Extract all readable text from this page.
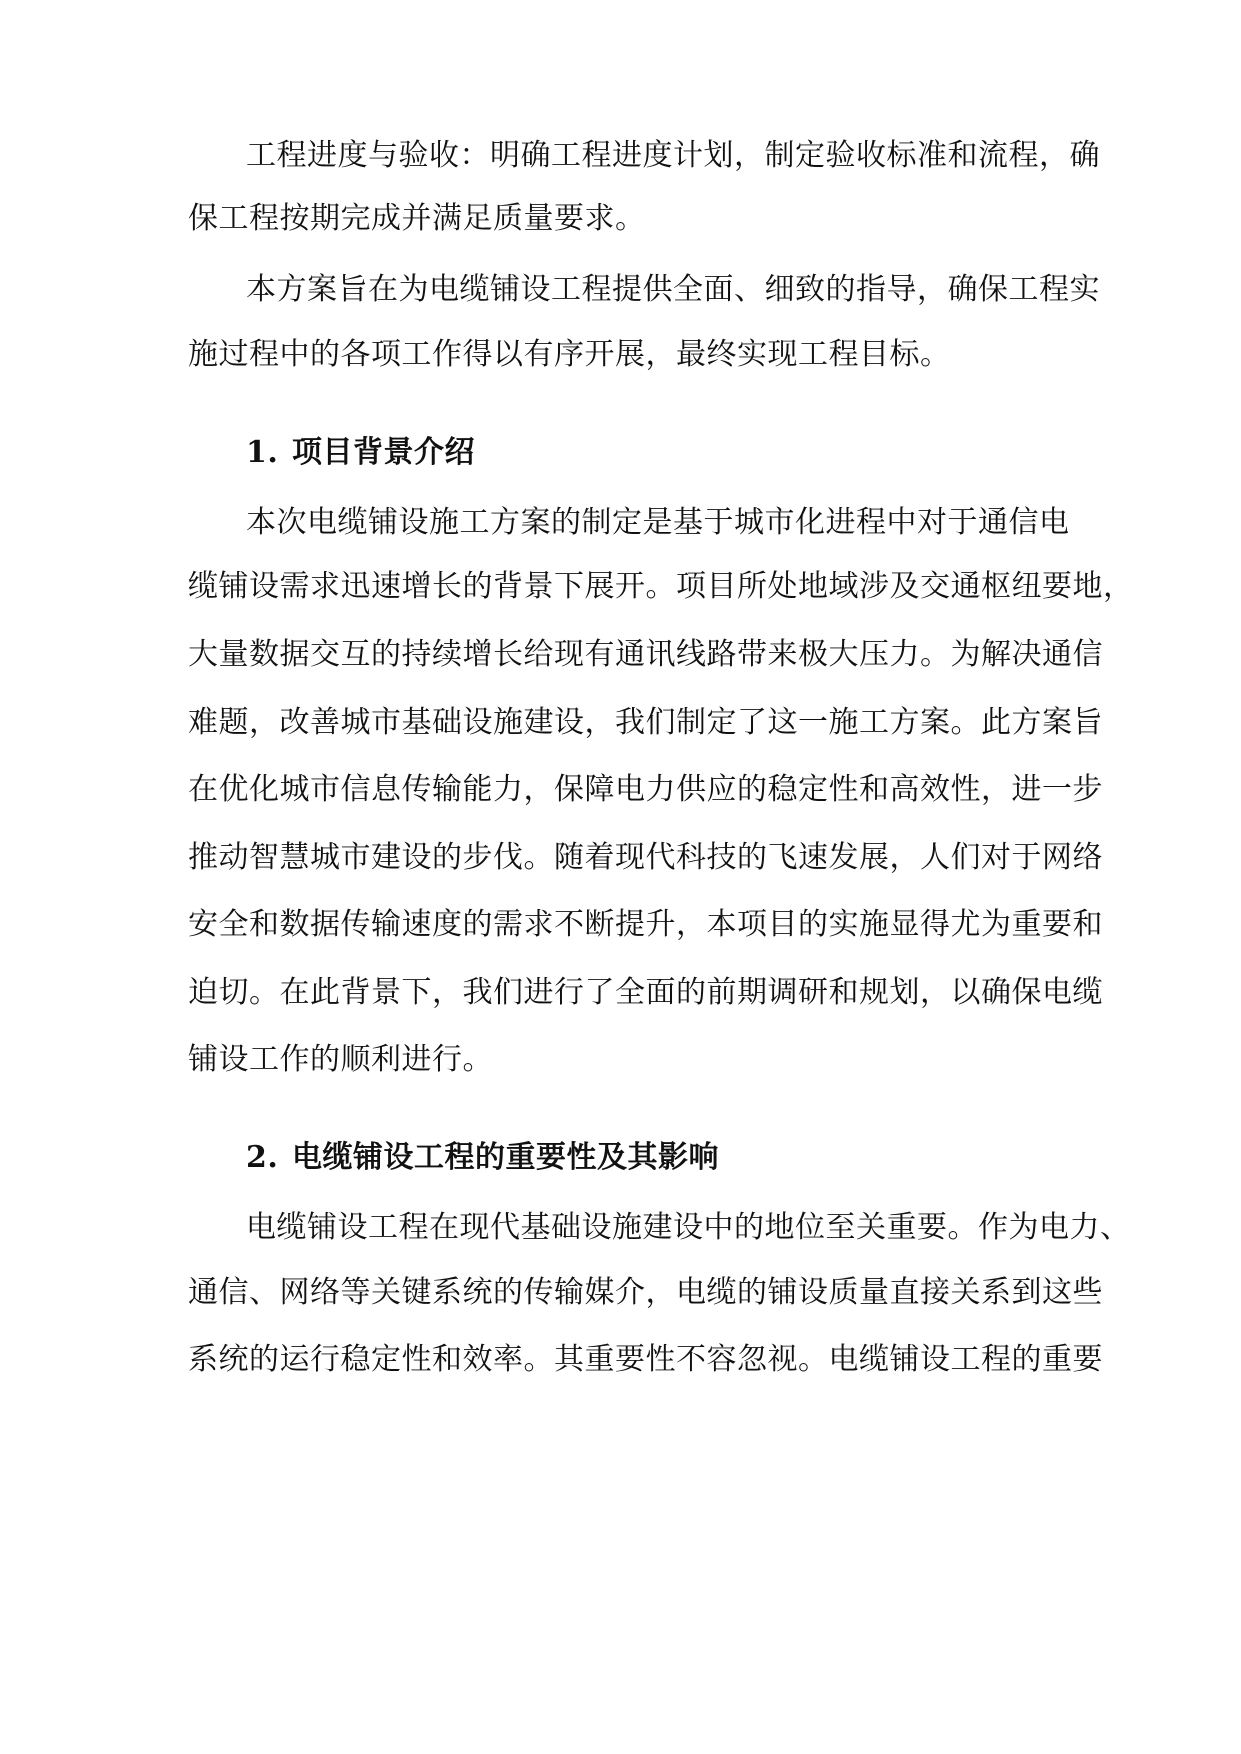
工程进度与验收：明确工程进度计划，制定验收标准和流程，确
保工程按期完成并满足质量要求。
本方案旨在为电缆铺设工程提供全面、细致的指导，确保工程实
施过程中的各项工作得以有序开展，最终实现工程目标。
1. 项目背景介绍
本次电缆铺设施工方案的制定是基于城市化进程中对于通信电
缆铺设需求迅速增长的背景下展开。项目所处地域涉及交通枢纽要地，
大量数据交互的持续增长给现有通讯线路带来极大压力。为解决通信
难题，改善城市基础设施建设，我们制定了这一施工方案。此方案旨
在优化城市信息传输能力，保障电力供应的稳定性和高效性，进一步
推动智慧城市建设的步伐。随着现代科技的飞速发展，人们对于网络
安全和数据传输速度的需求不断提升，本项目的实施显得尤为重要和
迫切。在此背景下，我们进行了全面的前期调研和规划，以确保电缆
铺设工作的顺利进行。
2. 电缆铺设工程的重要性及其影响
电缆铺设工程在现代基础设施建设中的地位至关重要。作为电力、
通信、网络等关键系统的传输媒介，电缆的铺设质量直接关系到这些
系统的运行稳定性和效率。其重要性不容忽视。电缆铺设工程的重要
